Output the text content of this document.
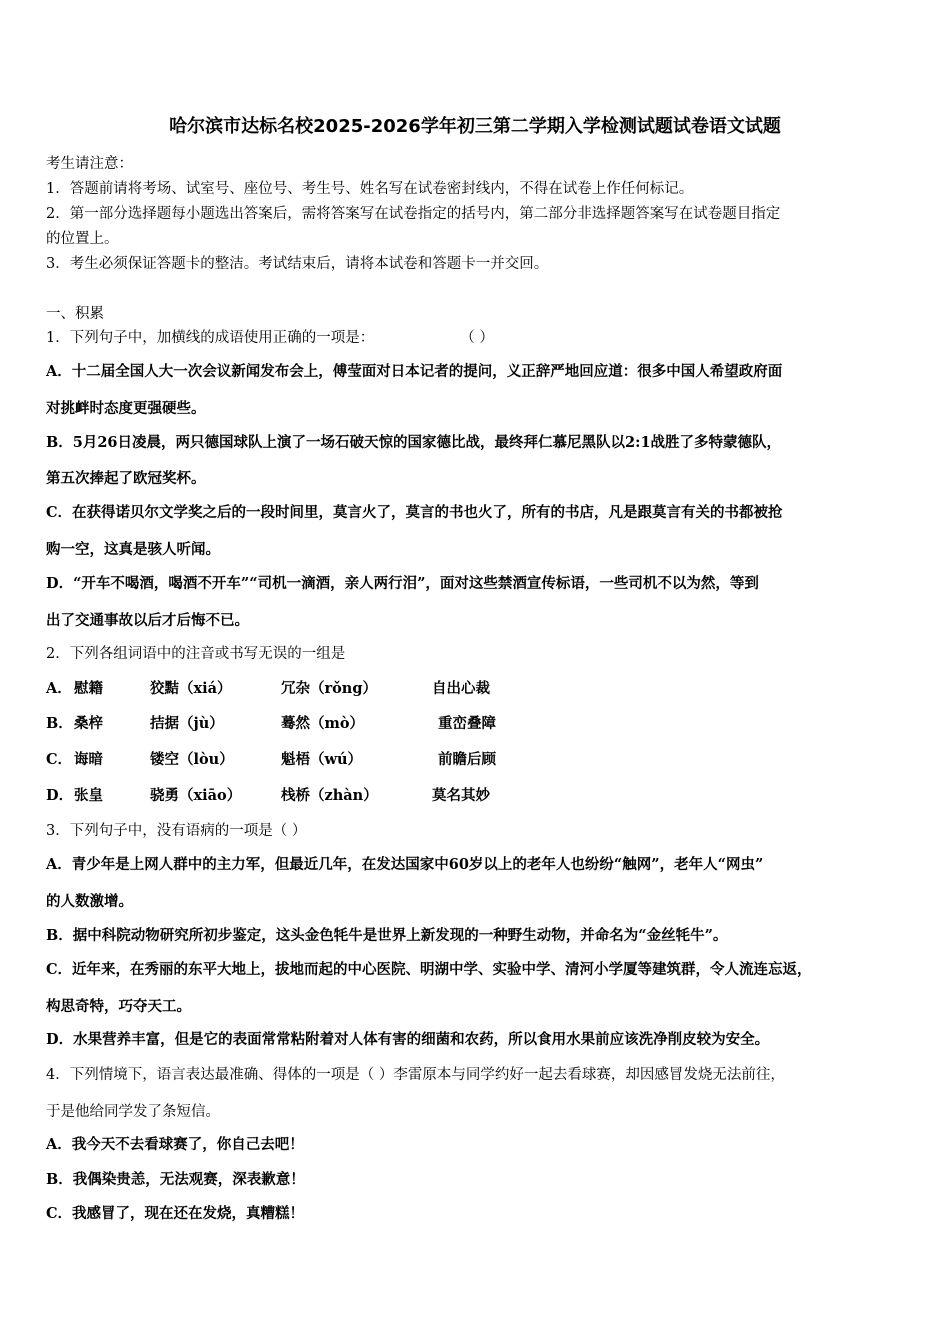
哈尔滨市达标名校2025-2026学年初三第二学期入学检测试题试卷语文试题
考生请注意：
1．答题前请将考场、试室号、座位号、考生号、姓名写在试卷密封线内，不得在试卷上作任何标记。
2．第一部分选择题每小题选出答案后，需将答案写在试卷指定的括号内，第二部分非选择题答案写在试卷题目指定
的位置上。
3．考生必须保证答题卡的整洁。考试结束后，请将本试卷和答题卡一并交回。
一、积累
1．下列句子中，加横线的成语使用正确的一项是：	（ ）
A．十二届全国人大一次会议新闻发布会上，傅莹面对日本记者的提问，义正辞严地回应道：很多中国人希望政府面
对挑衅时态度更强硬些。
B．5月26日凌晨，两只德国球队上演了一场石破天惊的国家德比战，最终拜仁慕尼黑队以2:1战胜了多特蒙德队，
第五次捧起了欧冠奖杯。
C．在获得诺贝尔文学奖之后的一段时间里，莫言火了，莫言的书也火了，所有的书店，凡是跟莫言有关的书都被抢
购一空，这真是骇人听闻。
D．“开车不喝酒，喝酒不开车”“司机一滴酒，亲人两行泪”，面对这些禁酒宣传标语，一些司机不以为然，等到
出了交通事故以后才后悔不已。
2．下列各组词语中的注音或书写无误的一组是
A． 慰籍	狡黠（xiá）	冗杂（rǒng）	自出心裁
B． 桑梓	拮据（jù）	蓦然（mò）	重峦叠障
C． 诲暗	镂空（lòu）	魁梧（wú）	前瞻后顾
D． 张皇	骁勇（xiāo）	栈桥（zhàn）	莫名其妙
3．下列句子中，没有语病的一项是（ ）
A．青少年是上网人群中的主力军，但最近几年，在发达国家中60岁以上的老年人也纷纷“触网”，老年人“网虫”
的人数激增。
B．据中科院动物研究所初步鉴定，这头金色牦牛是世界上新发现的一种野生动物，并命名为“金丝牦牛”。
C．近年来，在秀丽的东平大地上，拔地而起的中心医院、明湖中学、实验中学、清河小学厦等建筑群，令人流连忘返，
构思奇特，巧夺天工。
D．水果营养丰富，但是它的表面常常粘附着对人体有害的细菌和农药，所以食用水果前应该洗净削皮较为安全。
4．下列情境下，语言表达最准确、得体的一项是（ ）李雷原本与同学约好一起去看球赛，却因感冒发烧无法前往，
于是他给同学发了条短信。
A．我今天不去看球赛了，你自己去吧！
B．我偶染贵恙，无法观赛，深表歉意！
C．我感冒了，现在还在发烧，真糟糕！
